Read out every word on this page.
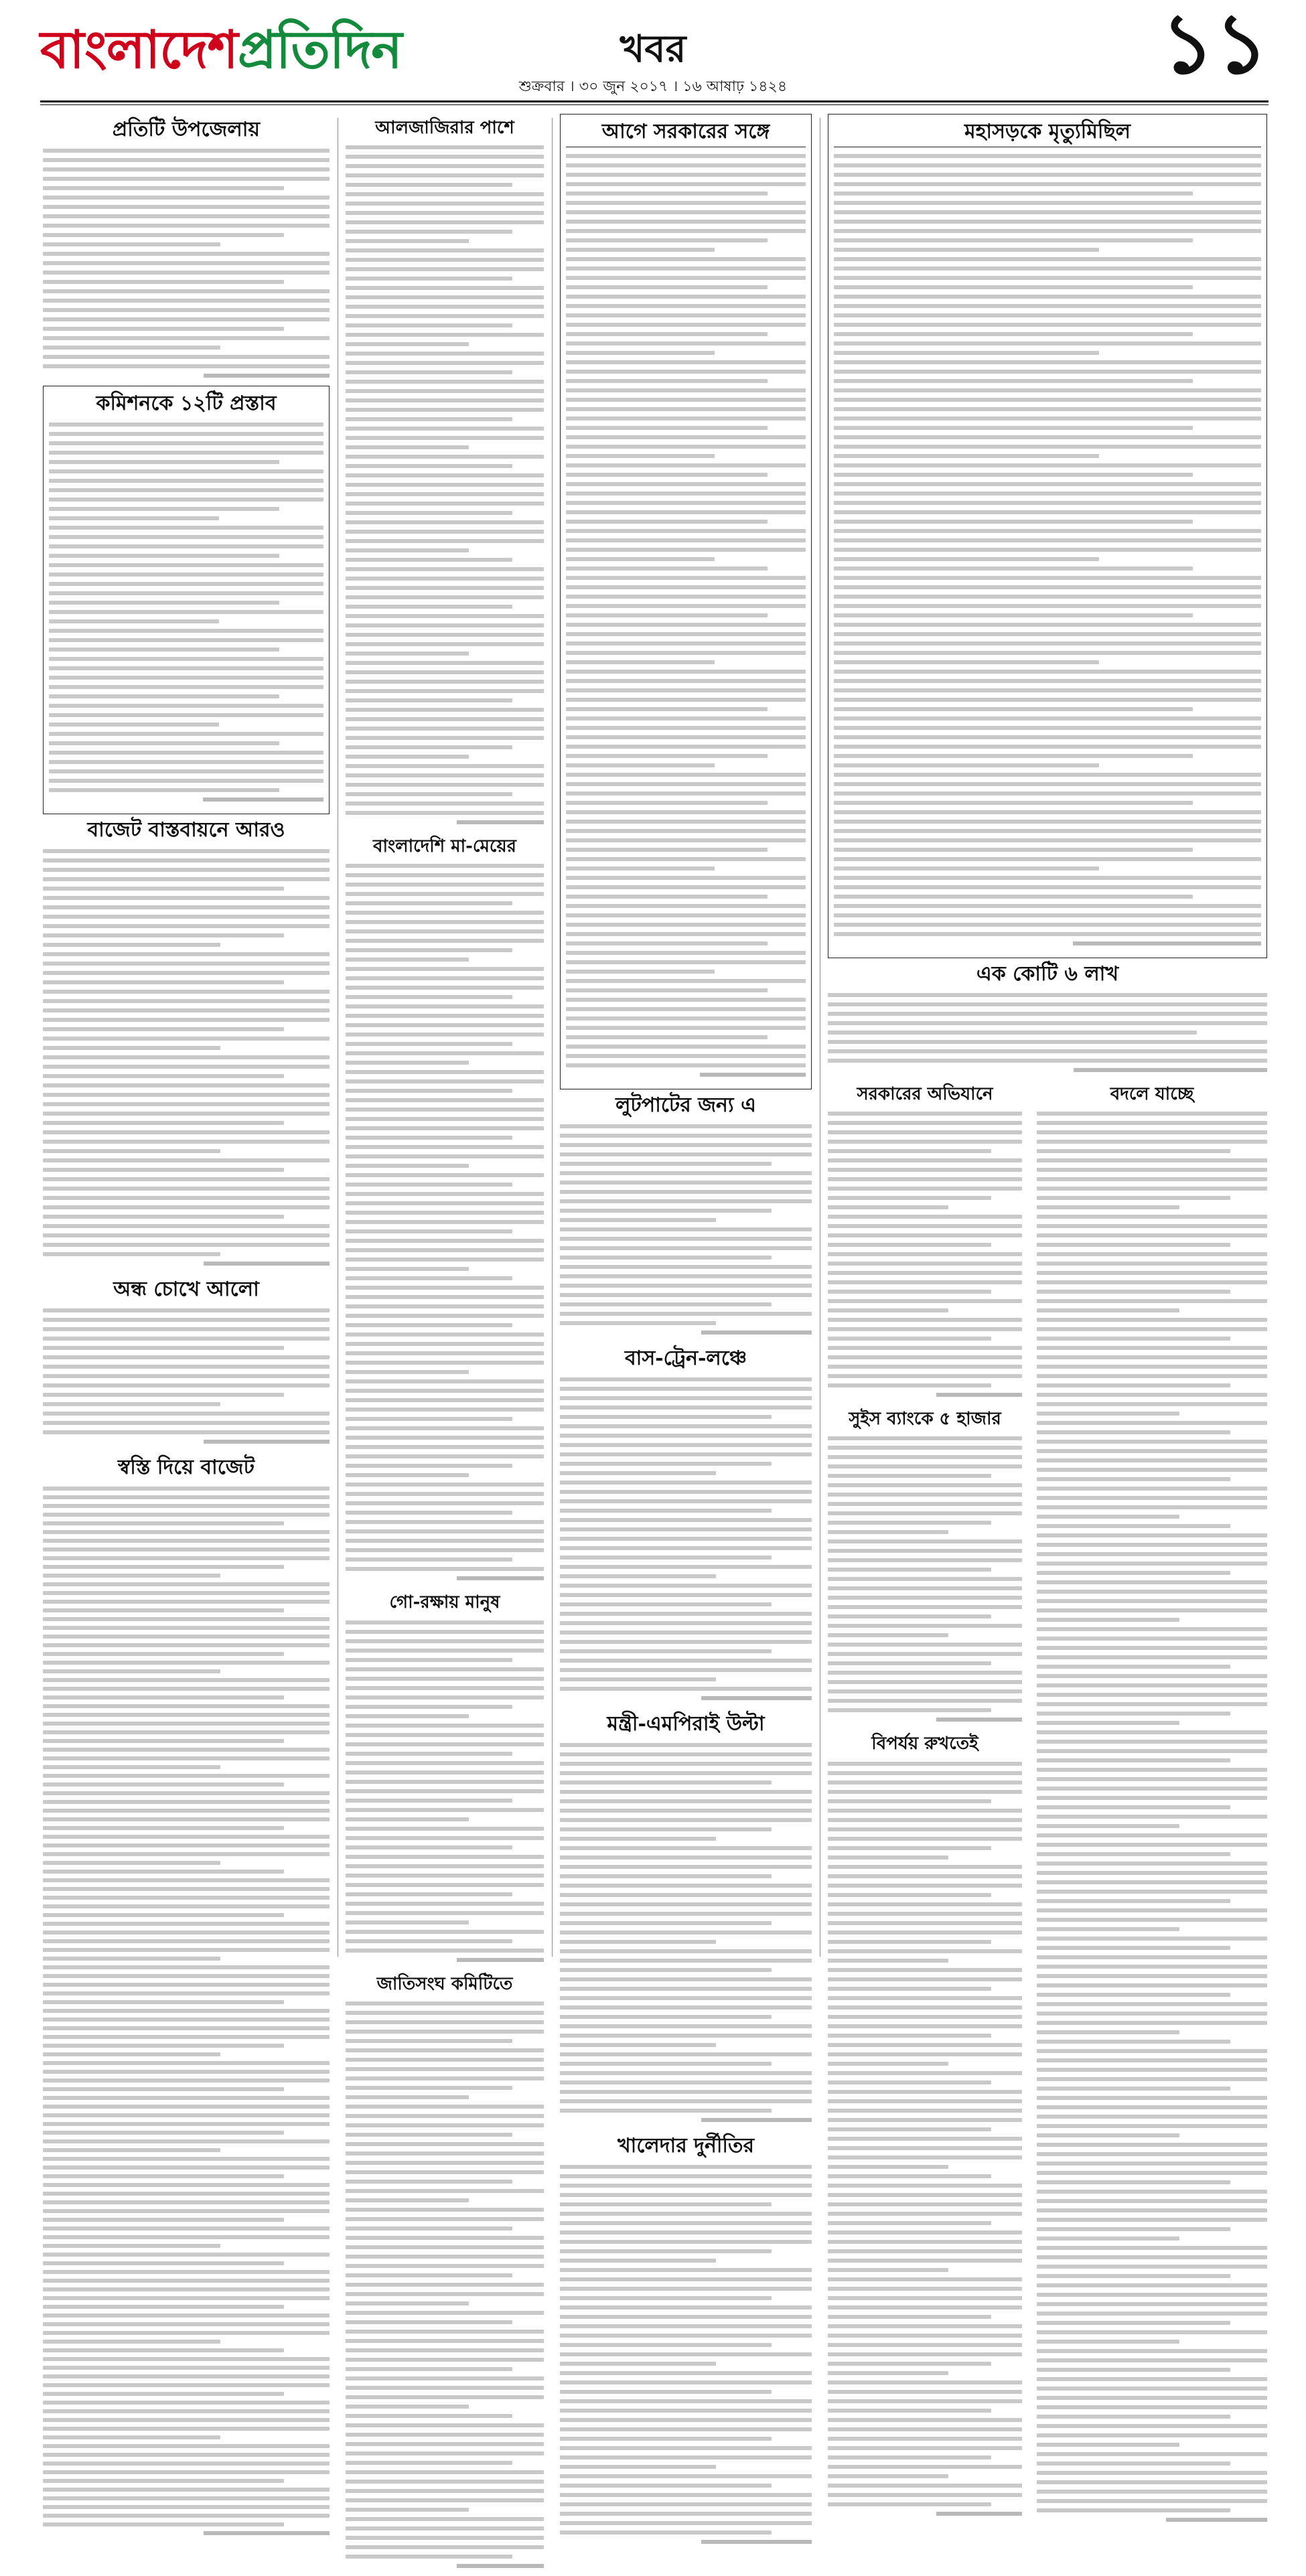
বাংলাদেশপ্রতিদিন	খবর
শুক্রবার । ৩০ জুন ২০১৭ । ১৬ আষাঢ় ১৪২৪	১১
প্রতিটি উপজেলায়
কমিশনকে ১২টি প্রস্তাব
বাজেট বাস্তবায়নে আরও
অন্ধ চোখে আলো
স্বস্তি দিয়ে বাজেট
আলজাজিরার পাশে
বাংলাদেশি মা-মেয়ের
গো-রক্ষায় মানুষ
জাতিসংঘ কমিটিতে
আগে সরকারের সঙ্গে
লুটপাটের জন্য এ
বাস-ট্রেন-লঞ্চে
মন্ত্রী-এমপিরাই উল্টা
খালেদার দুর্নীতির
মহাসড়কে মৃত্যুমিছিল
এক কোটি ৬ লাখ
সরকারের অভিযানে
সুইস ব্যাংকে ৫ হাজার
বিপর্যয় রুখতেই
বদলে যাচ্ছে
